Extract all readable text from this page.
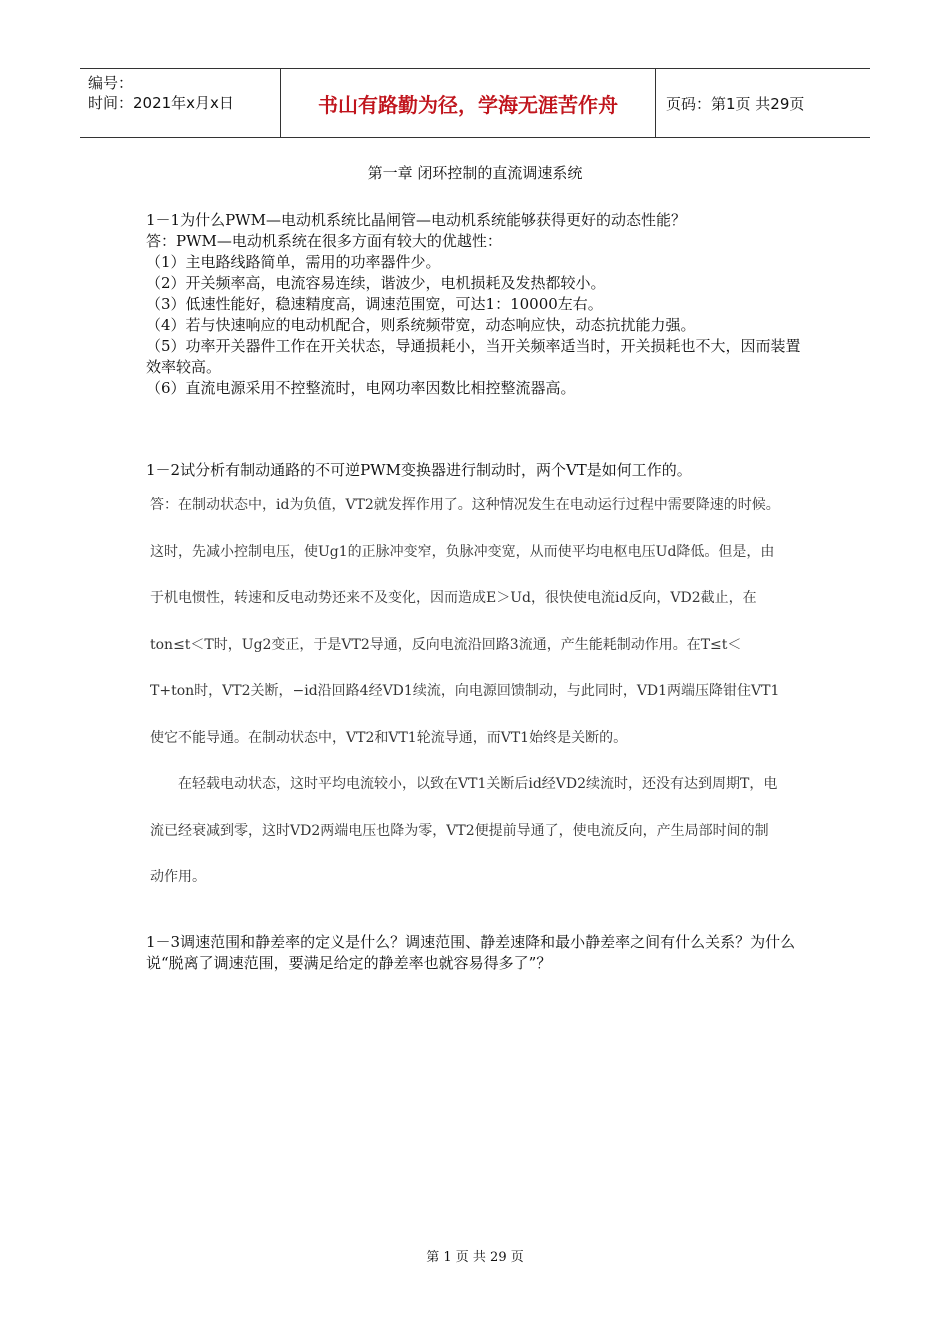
编号：
时间：2021年x月x日	书山有路勤为径，学海无涯苦作舟	页码：第1页 共29页
第一章 闭环控制的直流调速系统

1－1为什么PWM—电动机系统比晶闸管—电动机系统能够获得更好的动态性能？

答：PWM—电动机系统在很多方面有较大的优越性：

（1）主电路线路简单，需用的功率器件少。

（2）开关频率高，电流容易连续，谐波少，电机损耗及发热都较小。

（3）低速性能好，稳速精度高，调速范围宽，可达1：10000左右。

（4）若与快速响应的电动机配合，则系统频带宽，动态响应快，动态抗扰能力强。

（5）功率开关器件工作在开关状态，导通损耗小，当开关频率适当时，开关损耗也不大，因而装置效率较高。

（6）直流电源采用不控整流时，电网功率因数比相控整流器高。

1－2试分析有制动通路的不可逆PWM变换器进行制动时，两个VT是如何工作的。

答：在制动状态中，id为负值，VT2就发挥作用了。这种情况发生在电动运行过程中需要降速的时候。这时，先减小控制电压，使Ug1的正脉冲变窄，负脉冲变宽，从而使平均电枢电压Ud降低。但是，由于机电惯性，转速和反电动势还来不及变化，因而造成E＞Ud，很快使电流id反向，VD2截止，在ton≤t＜T时，Ug2变正，于是VT2导通，反向电流沿回路3流通，产生能耗制动作用。在T≤t＜T+ton时，VT2关断，−id沿回路4经VD1续流，向电源回馈制动，与此同时，VD1两端压降钳住VT1使它不能导通。在制动状态中，VT2和VT1轮流导通，而VT1始终是关断的。

在轻载电动状态，这时平均电流较小，以致在VT1关断后id经VD2续流时，还没有达到周期T，电流已经衰减到零，这时VD2两端电压也降为零，VT2便提前导通了，使电流反向，产生局部时间的制动作用。

1－3调速范围和静差率的定义是什么？调速范围、静差速降和最小静差率之间有什么关系？为什么说“脱离了调速范围，要满足给定的静差率也就容易得多了”？

第 1 页 共 29 页
